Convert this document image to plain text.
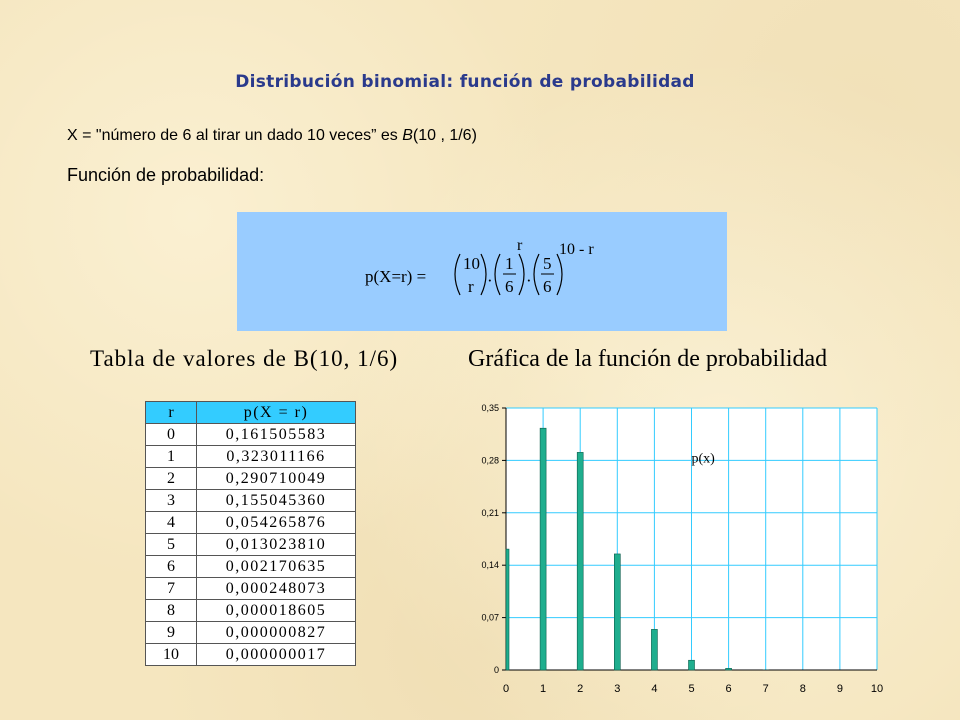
Distribución binomial: función de probabilidad
X = "número de 6 al tirar un dado 10 veces” es B(10 , 1/6)
Función de probabilidad:
p(X=r) =
10
r ·
1
6
r
·
5
6
10 - r
Tabla de valores de B(10, 1/6)	Gráfica de la función de probabilidad
r	p(X = r)
0	0,161505583
1	0,323011166
2	0,290710049
3	0,155045360
4	0,054265876
5	0,013023810
6	0,002170635
7	0,000248073
8	0,000018605
9	0,000000827
10	0,000000017
0
0,07
0,14
0,21
0,28
0,35
0	1	2	3	4	5	6	7	8	9	10
p(x)
